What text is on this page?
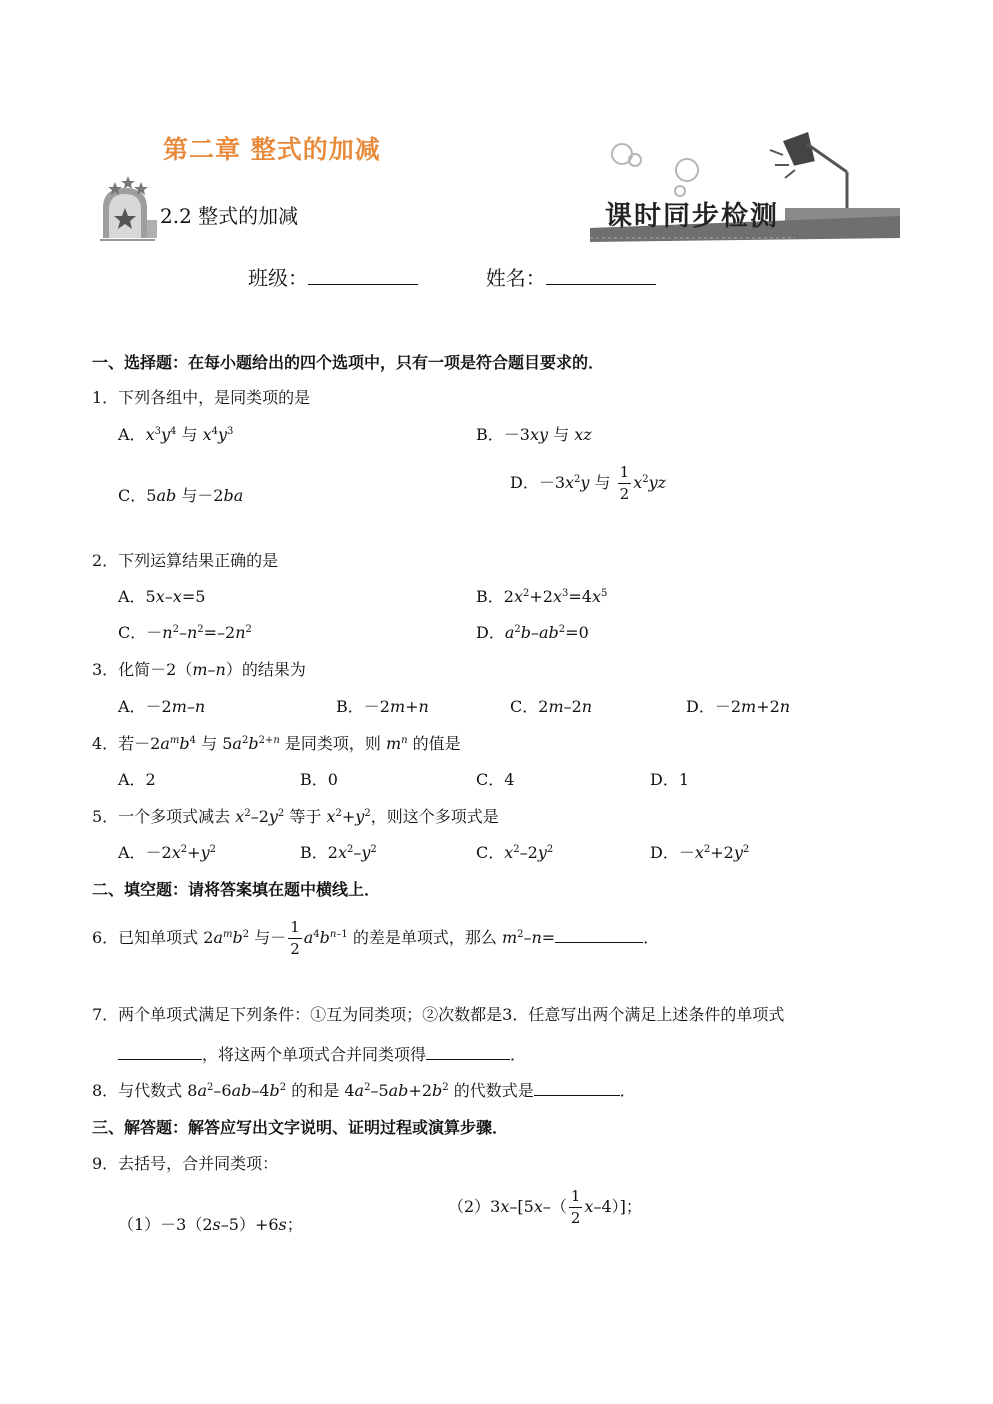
第二章 整式的加减
2.2 整式的加减	课时同步检测
班级：	姓名：
一、选择题：在每小题给出的四个选项中，只有一项是符合题目要求的．
1．下列各组中，是同类项的是
A．$x^3y^4$ 与 $x^4y^3$	B．－3xy 与 xz
C．5ab 与－2ba
D．$-3x^2y$ 与 $\frac{1}{2} x^2yz$
2．下列运算结果正确的是
A．5x–x=5	B．$2x^2+2x^3=4x^5$
C．$-n^2-n^2=-2n^2$	D．$a^2b-ab^2=0$
3．化简－2（m–n）的结果为
A．－2m–n	B．－2m+n	C．2m–2n	D．－2m+2n
4．若$-2a^mb^4$ 与 $5a^2b^{2+n}$ 是同类项，则 $m^n$ 的值是
A．2	B．0	C．4	D．1
5．一个多项式减去 $x^2-2y^2$ 等于 $x^2+y^2$，则这个多项式是
A．$-2x^2+y^2$	B．$2x^2-y^2$	C．$x^2-2y^2$	D．$-x^2+2y^2$
二、填空题：请将答案填在题中横线上．
6．已知单项式 $2a^mb^2$ 与－ $\frac{1}{2} a^4b^{n-1}$ 的差是单项式，那么 $m^2-n=$	．
7．两个单项式满足下列条件：①互为同类项；②次数都是3．任意写出两个满足上述条件的单项式
，将这两个单项式合并同类项得	．
8．与代数式 $8a^2-6ab-4b^2$ 的和是 $4a^2-5ab+2b^2$ 的代数式是	．
三、解答题：解答应写出文字说明、证明过程或演算步骤．
9．去括号，合并同类项：
（1）－3（2s–5）+6s；
$(2)3x-[5x-( \frac{1}{2} x-4)]$；
